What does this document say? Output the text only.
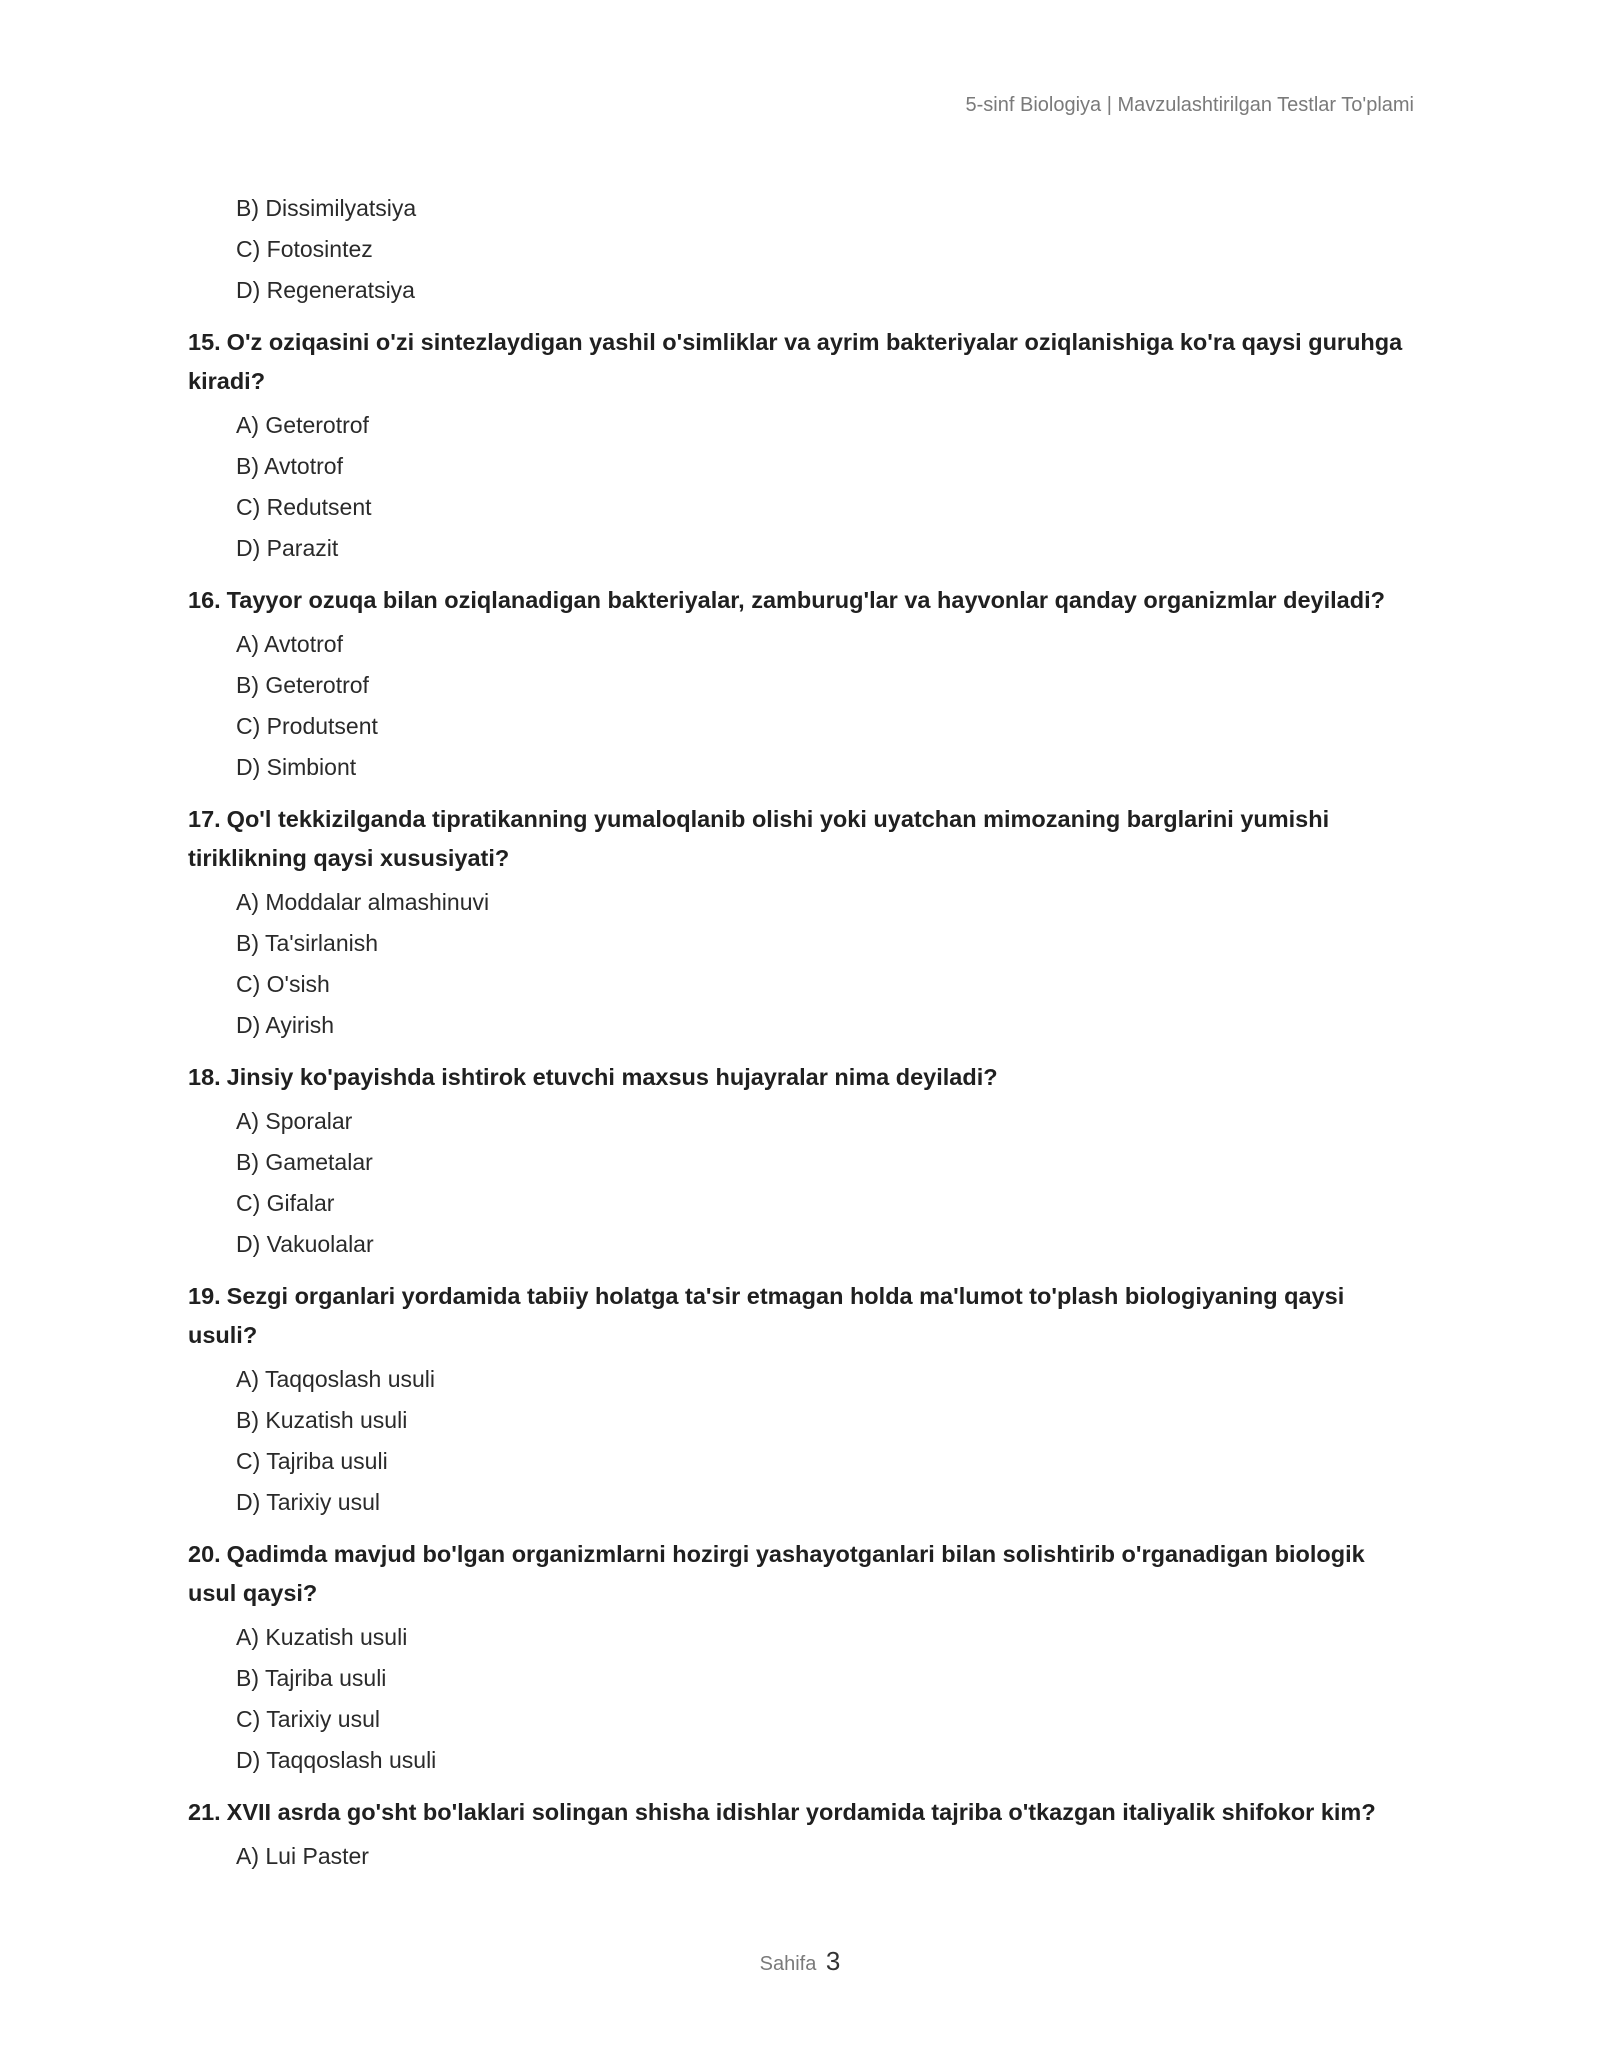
5-sinf Biologiya | Mavzulashtirilgan Testlar To'plami
B) Dissimilyatsiya
C) Fotosintez
D) Regeneratsiya
15. O'z oziqasini o'zi sintezlaydigan yashil o'simliklar va ayrim bakteriyalar oziqlanishiga ko'ra qaysi guruhga kiradi?
A) Geterotrof
B) Avtotrof
C) Redutsent
D) Parazit
16. Tayyor ozuqa bilan oziqlanadigan bakteriyalar, zamburug'lar va hayvonlar qanday organizmlar deyiladi?
A) Avtotrof
B) Geterotrof
C) Produtsent
D) Simbiont
17. Qo'l tekkizilganda tipratikanning yumaloqlanib olishi yoki uyatchan mimozaning barglarini yumishi tiriklikning qaysi xususiyati?
A) Moddalar almashinuvi
B) Ta'sirlanish
C) O'sish
D) Ayirish
18. Jinsiy ko'payishda ishtirok etuvchi maxsus hujayralar nima deyiladi?
A) Sporalar
B) Gametalar
C) Gifalar
D) Vakuolalar
19. Sezgi organlari yordamida tabiiy holatga ta'sir etmagan holda ma'lumot to'plash biologiyaning qaysi usuli?
A) Taqqoslash usuli
B) Kuzatish usuli
C) Tajriba usuli
D) Tarixiy usul
20. Qadimda mavjud bo'lgan organizmlarni hozirgi yashayotganlari bilan solishtirib o'rganadigan biologik usul qaysi?
A) Kuzatish usuli
B) Tajriba usuli
C) Tarixiy usul
D) Taqqoslash usuli
21. XVII asrda go'sht bo'laklari solingan shisha idishlar yordamida tajriba o'tkazgan italiyalik shifokor kim?
A) Lui Paster
Sahifa 3
